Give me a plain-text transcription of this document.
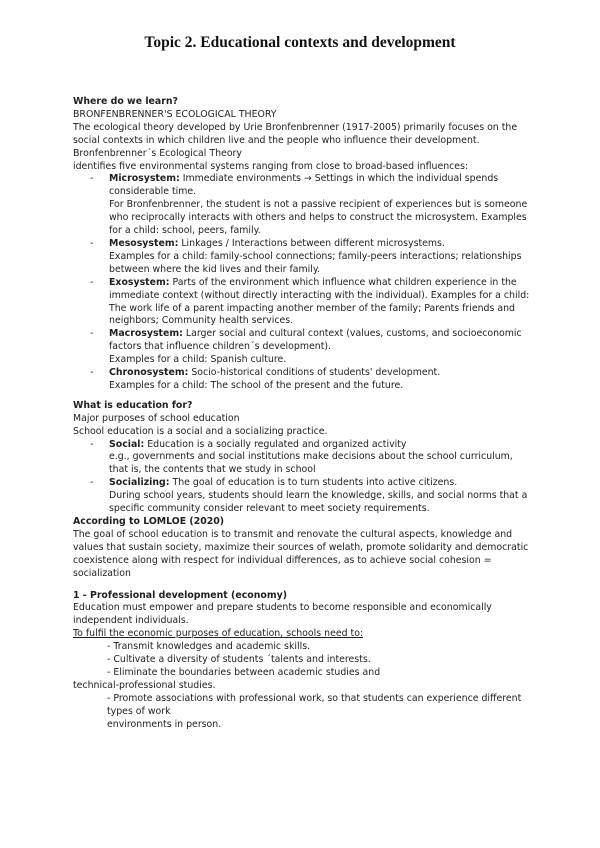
Topic 2. Educational contexts and development

Where do we learn?

BRONFENBRENNER'S ECOLOGICAL THEORY

The ecological theory developed by Urie Bronfenbrenner (1917-2005) primarily focuses on the social contexts in which children live and the people who influence their development.

Bronfenbrenner´s Ecological Theory

identifies five environmental systems ranging from close to broad-based influences:

- Microsystem: Immediate environments → Settings in which the individual spends considerable time.

For Bronfenbrenner, the student is not a passive recipient of experiences but is someone who reciprocally interacts with others and helps to construct the microsystem. Examples for a child: school, peers, family.

- Mesosystem: Linkages / Interactions between different microsystems.
Examples for a child: family-school connections; family-peers interactions; relationships between where the kid lives and their family.
- Exosystem: Parts of the environment which influence what children experience in the immediate context (without directly interacting with the individual). Examples for a child: The work life of a parent impacting another member of the family; Parents friends and neighbors; Community health services.
- Macrosystem: Larger social and cultural context (values, customs, and socioeconomic factors that influence children´s development).
Examples for a child: Spanish culture.
- Chronosystem: Socio-historical conditions of students' development.
Examples for a child: The school of the present and the future.

What is education for?

Major purposes of school education

School education is a social and a socializing practice.

- Social: Education is a socially regulated and organized activity
e.g., governments and social institutions make decisions about the school curriculum, that is, the contents that we study in school
- Socializing: The goal of education is to turn students into active citizens.
During school years, students should learn the knowledge, skills, and social norms that a specific community consider relevant to meet society requirements.

According to LOMLOE (2020)

The goal of school education is to transmit and renovate the cultural aspects, knowledge and values that sustain society, maximize their sources of welath, promote solidarity and democratic coexistence along with respect for individual differences, as to achieve social cohesion = socialization

1 - Professional development (economy)

Education must empower and prepare students to become responsible and economically independent individuals.

To fulfil the economic purposes of education, schools need to:

- Transmit knowledges and academic skills.
- Cultivate a diversity of students ´talents and interests.
- Eliminate the boundaries between academic studies and

technical-professional studies.

- Promote associations with professional work, so that students can experience different types of work

environments in person.
